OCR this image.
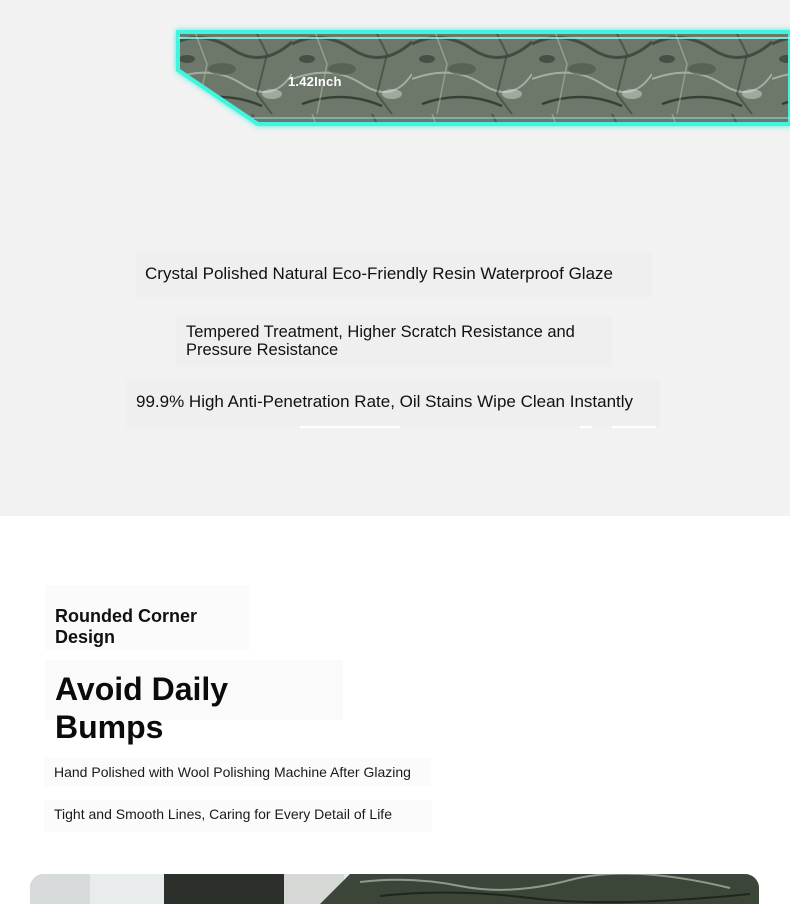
1.42Inch
Crystal Polished Natural Eco-Friendly Resin Waterproof Glaze
Tempered Treatment, Higher Scratch Resistance and Pressure Resistance
99.9% High Anti-Penetration Rate, Oil Stains Wipe Clean Instantly
Rounded Corner Design
Avoid Daily Bumps
Hand Polished with Wool Polishing Machine After Glazing
Tight and Smooth Lines, Caring for Every Detail of Life
